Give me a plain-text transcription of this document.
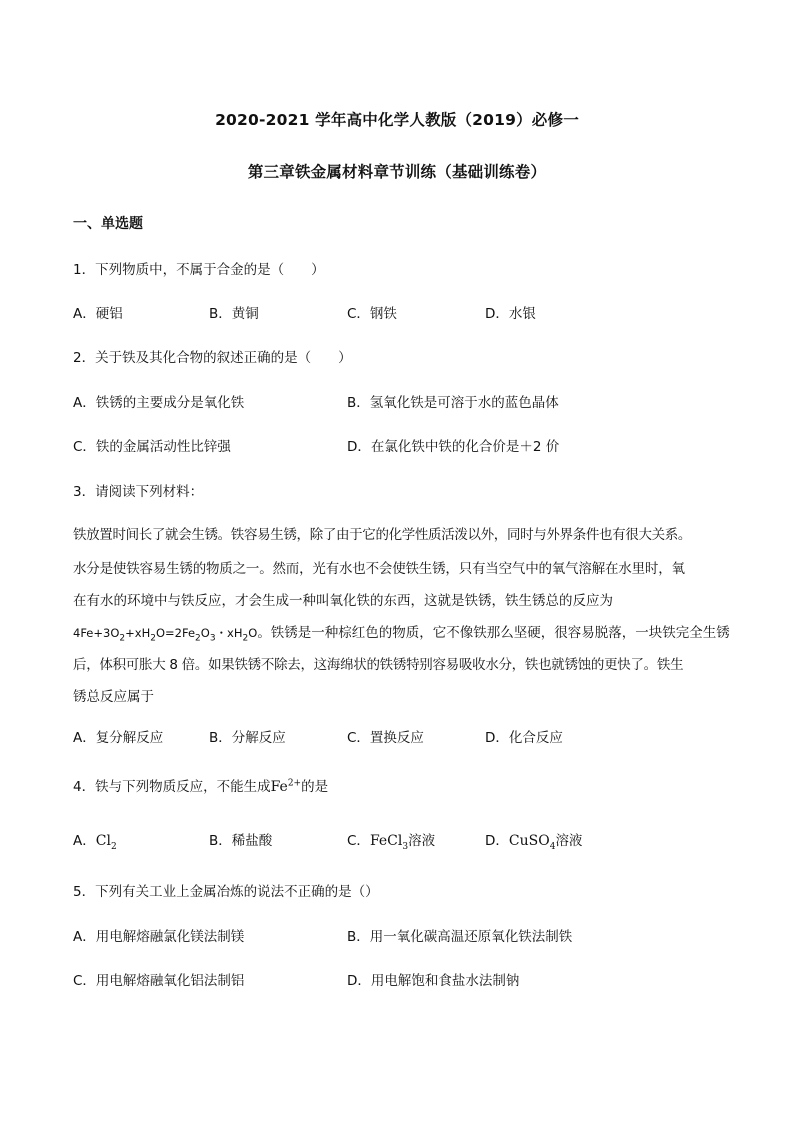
2020-2021 学年高中化学人教版（2019）必修一
第三章铁金属材料章节训练（基础训练卷）
一、单选题
1．下列物质中，不属于合金的是（　　）
A．硬铝	B．黄铜	C．钢铁	D．水银
2．关于铁及其化合物的叙述正确的是（　　）
A．铁锈的主要成分是氧化铁	B．氢氧化铁是可溶于水的蓝色晶体
C．铁的金属活动性比锌强	D．在氯化铁中铁的化合价是＋2 价
3．请阅读下列材料：
铁放置时间长了就会生锈。铁容易生锈，除了由于它的化学性质活泼以外，同时与外界条件也有很大关系。
水分是使铁容易生锈的物质之一。然而，光有水也不会使铁生锈，只有当空气中的氧气溶解在水里时，氧
在有水的环境中与铁反应，才会生成一种叫氧化铁的东西，这就是铁锈，铁生锈总的反应为
$4Fe+3O_2+xH_2O=2Fe_2O_3$・$xH_2O$。铁锈是一种棕红色的物质，它不像铁那么坚硬，很容易脱落，一块铁完全生锈
后，体积可胀大 8 倍。如果铁锈不除去，这海绵状的铁锈特别容易吸收水分，铁也就锈蚀的更快了。铁生
锈总反应属于
A．复分解反应	B．分解反应	C．置换反应	D．化合反应
4．铁与下列物质反应，不能生成$Fe^{2+}$的是
A．$Cl_2$	B．稀盐酸	C．FeCl$_3$溶液	D．CuSO$_4$溶液
5．下列有关工业上金属冶炼的说法不正确的是（）
A．用电解熔融氯化镁法制镁	B．用一氧化碳高温还原氧化铁法制铁
C．用电解熔融氧化铝法制铝	D．用电解饱和食盐水法制钠
